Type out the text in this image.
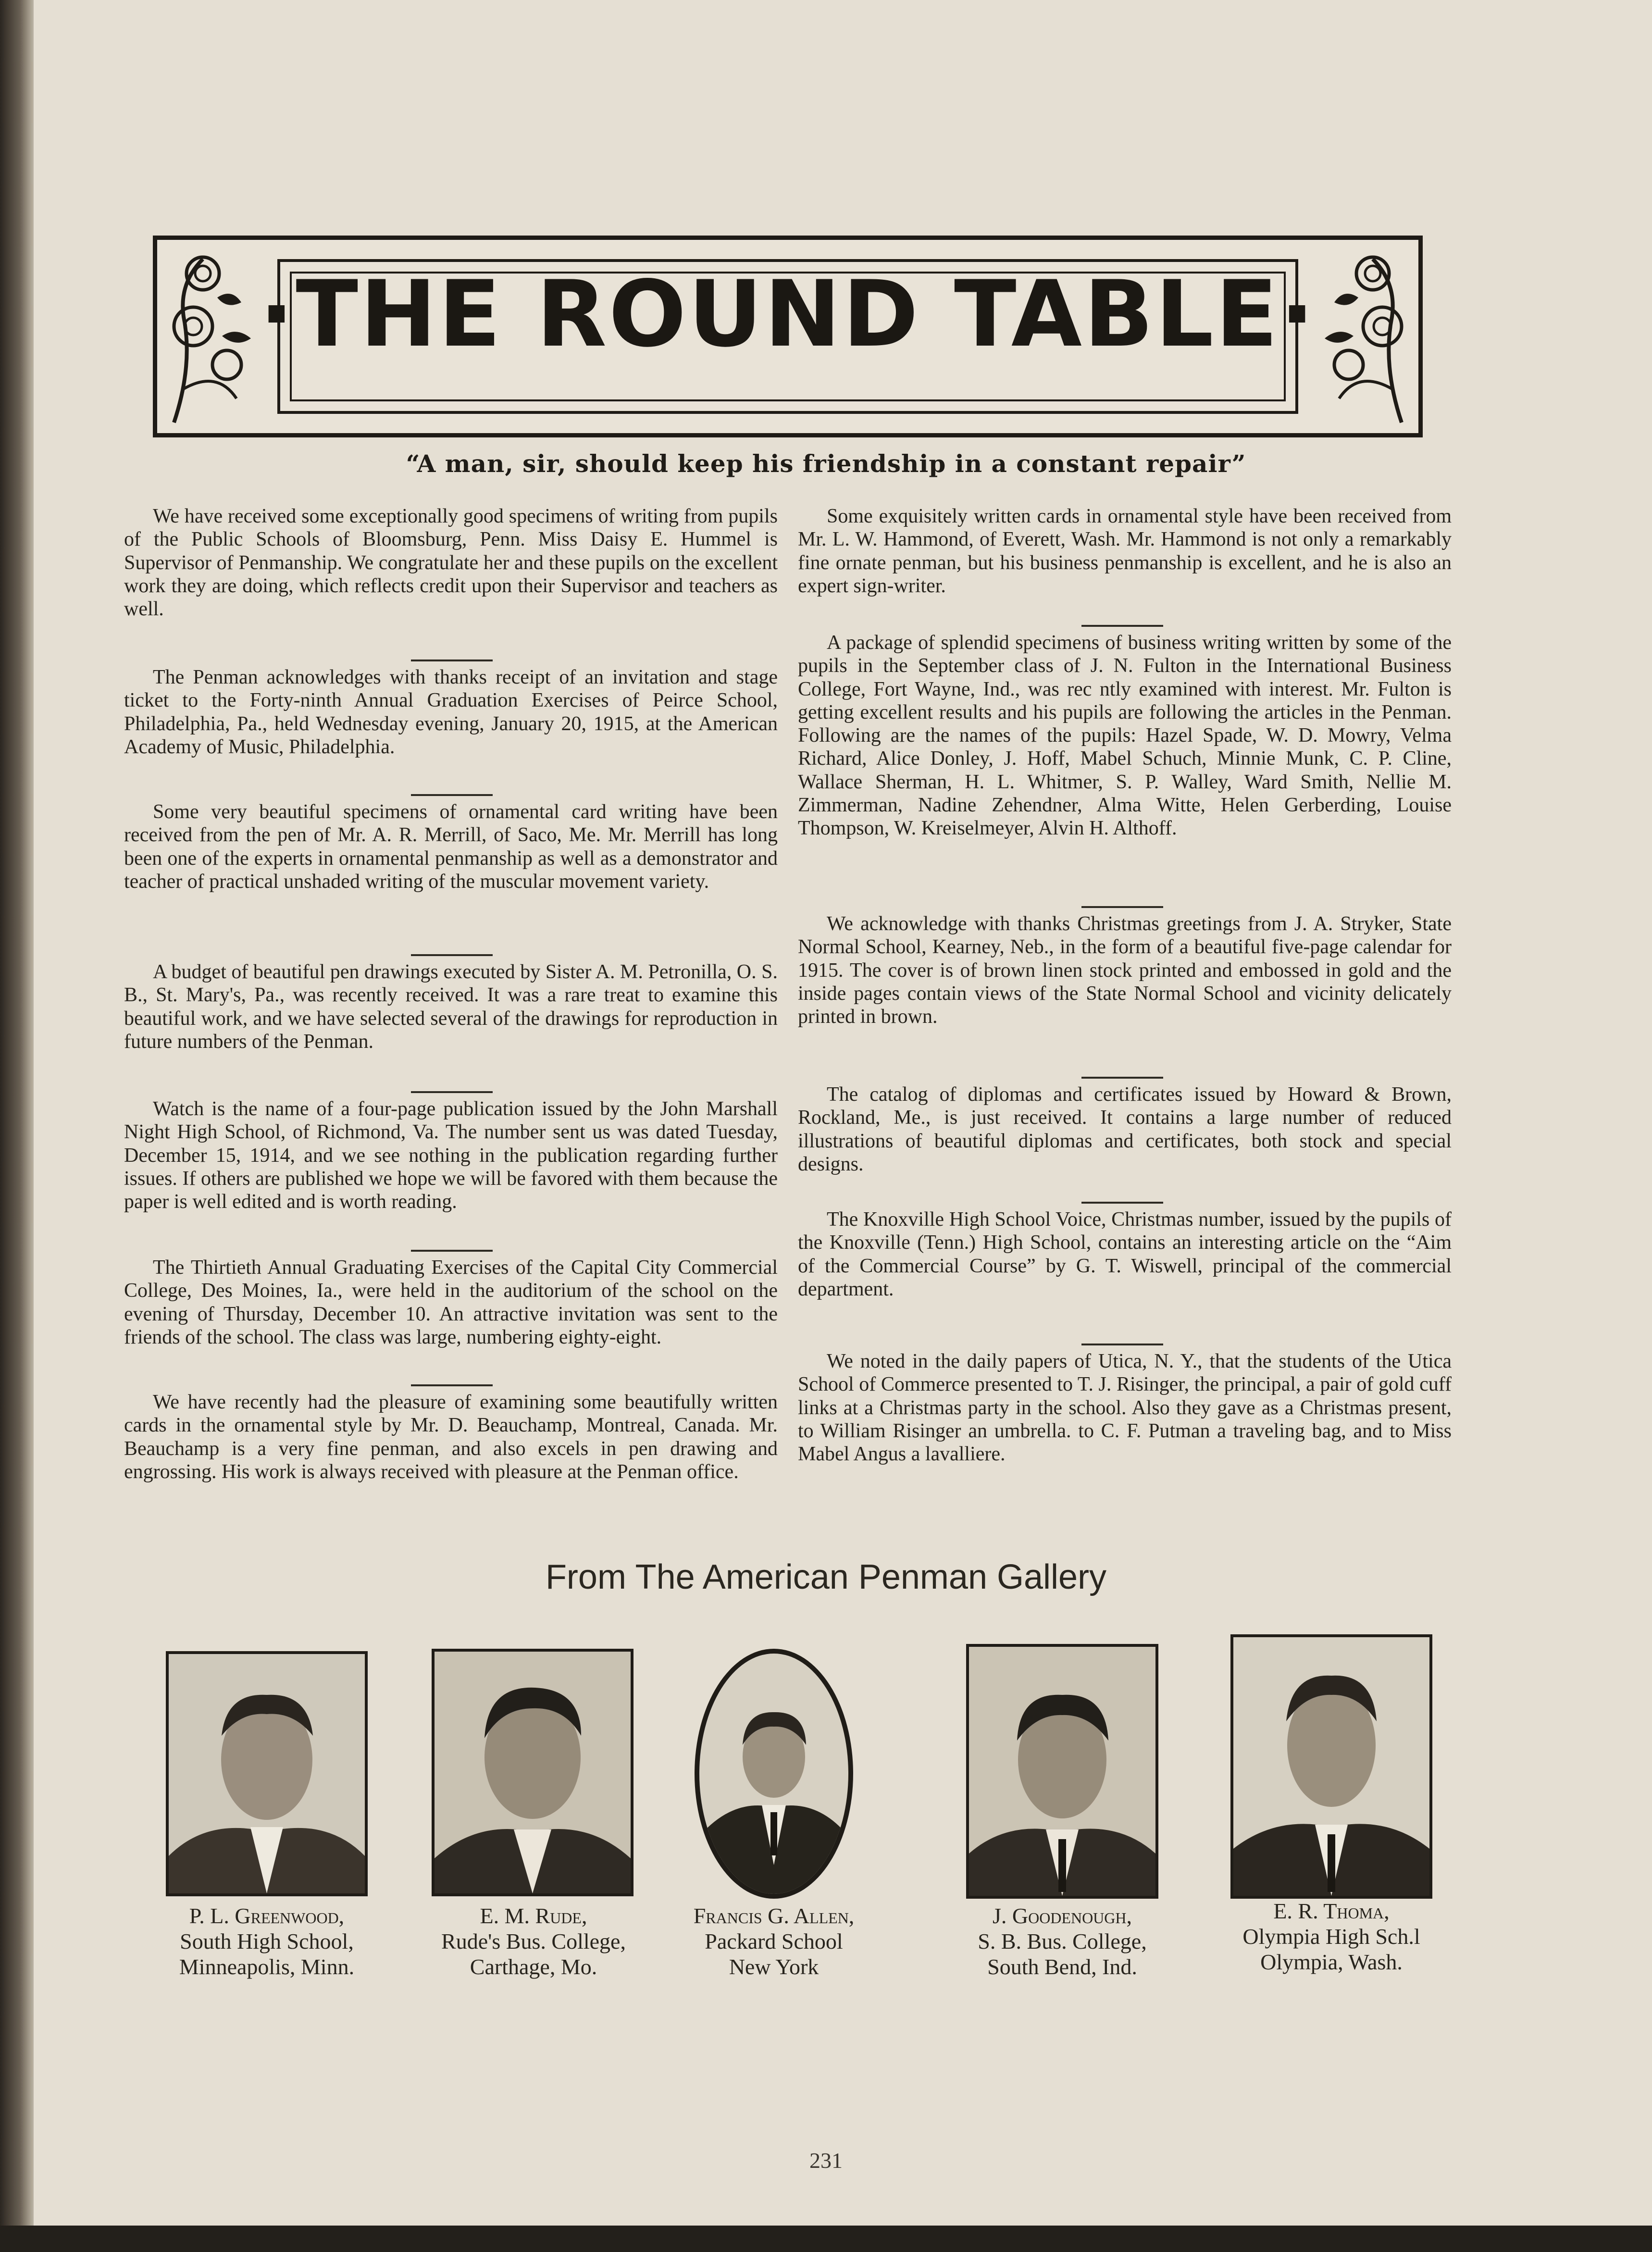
·THE ROUND TABLE·
“A man, sir, should keep his friendship in a constant repair”

We have received some exceptionally good specimens of writing from pupils of the Public Schools of Bloomsburg, Penn. Miss Daisy E. Hummel is Supervisor of Penmanship. We congratulate her and these pupils on the excellent work they are doing, which reflects credit upon their Supervisor and teachers as well.

The Penman acknowledges with thanks receipt of an invitation and stage ticket to the Forty-ninth Annual Graduation Exercises of Peirce School, Philadelphia, Pa., held Wednesday evening, January 20, 1915, at the American Academy of Music, Philadelphia.

Some very beautiful specimens of ornamental card writing have been received from the pen of Mr. A. R. Merrill, of Saco, Me. Mr. Merrill has long been one of the experts in ornamental penmanship as well as a demonstrator and teacher of practical unshaded writing of the muscular movement variety.

A budget of beautiful pen drawings executed by Sister A. M. Petronilla, O. S. B., St. Mary's, Pa., was recently received. It was a rare treat to examine this beautiful work, and we have selected several of the drawings for reproduction in future numbers of the Penman.

Watch is the name of a four-page publication issued by the John Marshall Night High School, of Richmond, Va. The number sent us was dated Tuesday, December 15, 1914, and we see nothing in the publication regarding further issues. If others are published we hope we will be favored with them because the paper is well edited and is worth reading.

The Thirtieth Annual Graduating Exercises of the Capital City Commercial College, Des Moines, Ia., were held in the auditorium of the school on the evening of Thursday, December 10. An attractive invitation was sent to the friends of the school. The class was large, numbering eighty-eight.

We have recently had the pleasure of examining some beautifully written cards in the ornamental style by Mr. D. Beauchamp, Montreal, Canada. Mr. Beauchamp is a very fine penman, and also excels in pen drawing and engrossing. His work is always received with pleasure at the Penman office.

Some exquisitely written cards in ornamental style have been received from Mr. L. W. Hammond, of Everett, Wash. Mr. Hammond is not only a remarkably fine ornate penman, but his business penmanship is excellent, and he is also an expert sign-writer.

A package of splendid specimens of business writing written by some of the pupils in the September class of J. N. Fulton in the International Business College, Fort Wayne, Ind., was rec ntly examined with interest. Mr. Fulton is getting excellent results and his pupils are following the articles in the Penman. Following are the names of the pupils: Hazel Spade, W. D. Mowry, Velma Richard, Alice Donley, J. Hoff, Mabel Schuch, Minnie Munk, C. P. Cline, Wallace Sherman, H. L. Whitmer, S. P. Walley, Ward Smith, Nellie M. Zimmerman, Nadine Zehendner, Alma Witte, Helen Gerberding, Louise Thompson, W. Kreiselmeyer, Alvin H. Althoff.

We acknowledge with thanks Christmas greetings from J. A. Stryker, State Normal School, Kearney, Neb., in the form of a beautiful five-page calendar for 1915. The cover is of brown linen stock printed and embossed in gold and the inside pages contain views of the State Normal School and vicinity delicately printed in brown.

The catalog of diplomas and certificates issued by Howard & Brown, Rockland, Me., is just received. It contains a large number of reduced illustrations of beautiful diplomas and certificates, both stock and special designs.

The Knoxville High School Voice, Christmas number, issued by the pupils of the Knoxville (Tenn.) High School, contains an interesting article on the “Aim of the Commercial Course” by G. T. Wiswell, principal of the commercial department.

We noted in the daily papers of Utica, N. Y., that the students of the Utica School of Commerce presented to T. J. Risinger, the principal, a pair of gold cuff links at a Christmas party in the school. Also they gave as a Christmas present, to William Risinger an umbrella. to C. F. Putman a traveling bag, and to Miss Mabel Angus a lavalliere.

From The American Penman Gallery
P. L. Greenwood,
South High School,
Minneapolis, Minn.
E. M. Rude,
Rude's Bus. College,
Carthage, Mo.
Francis G. Allen,
Packard School
New York
J. Goodenough,
S. B. Bus. College,
South Bend, Ind.
E. R. Thoma,
Olympia High Sch.l
Olympia, Wash.
231
